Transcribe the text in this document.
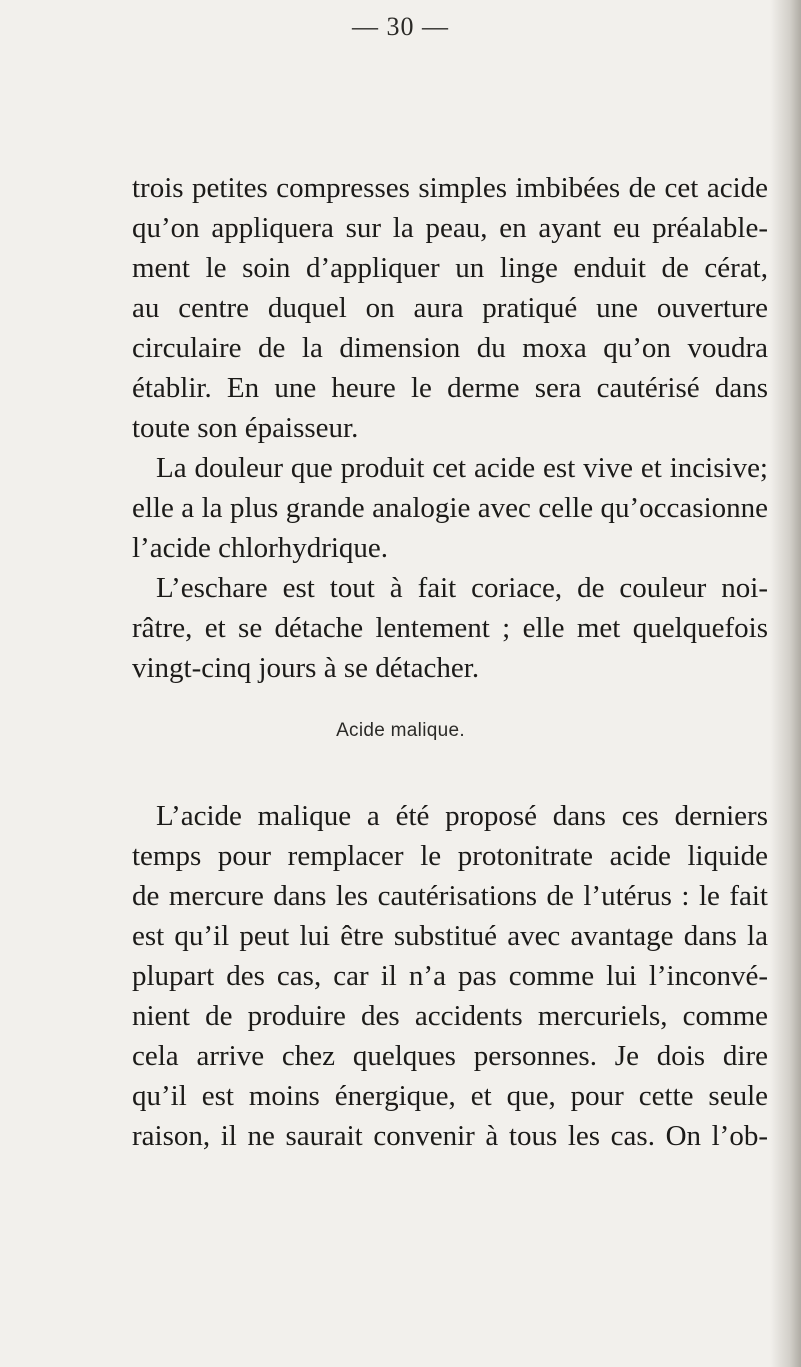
— 30 —
trois petites compresses simples imbibées de cet acide
qu’on appliquera sur la peau, en ayant eu préalable-
ment le soin d’appliquer un linge enduit de cérat,
au centre duquel on aura pratiqué une ouverture
circulaire de la dimension du moxa qu’on voudra
établir. En une heure le derme sera cautérisé dans
toute son épaisseur.
La douleur que produit cet acide est vive et incisive;
elle a la plus grande analogie avec celle qu’occasionne
l’acide chlorhydrique.
L’eschare est tout à fait coriace, de couleur noi-
râtre, et se détache lentement ; elle met quelquefois
vingt-cinq jours à se détacher.
Acide malique.
L’acide malique a été proposé dans ces derniers
temps pour remplacer le protonitrate acide liquide
de mercure dans les cautérisations de l’utérus : le fait
est qu’il peut lui être substitué avec avantage dans la
plupart des cas, car il n’a pas comme lui l’inconvé-
nient de produire des accidents mercuriels, comme
cela arrive chez quelques personnes. Je dois dire
qu’il est moins énergique, et que, pour cette seule
raison, il ne saurait convenir à tous les cas. On l’ob-
